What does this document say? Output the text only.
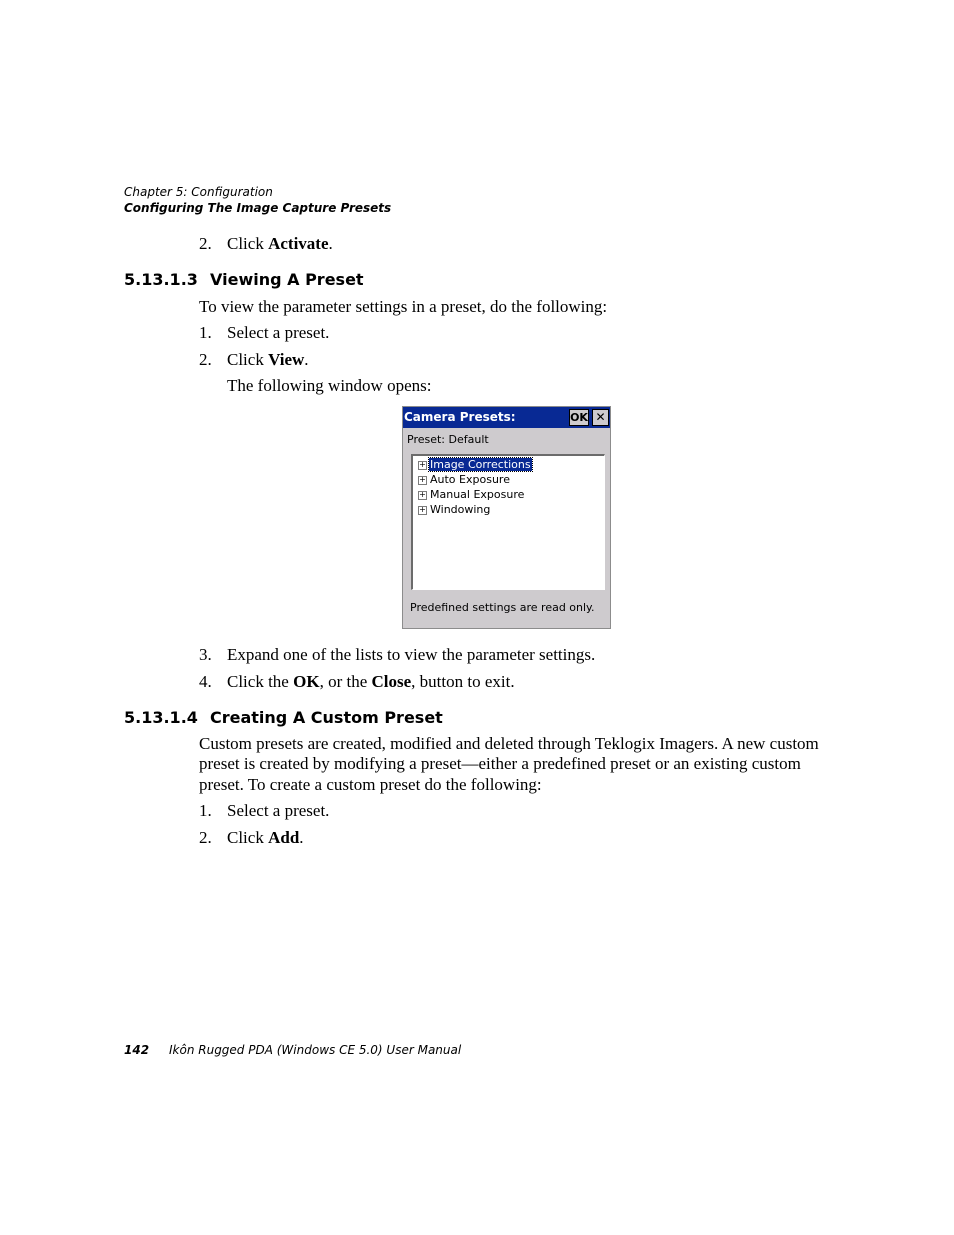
Chapter 5: Configuration
Configuring The Image Capture Presets
2. Click Activate.
5.13.1.3 Viewing A Preset
To view the parameter settings in a preset, do the following:
1. Select a preset.
2. Click View.
The following window opens:
Camera Presets:	OK ✕
Preset: Default
+ Image Corrections
+ Auto Exposure
+ Manual Exposure
+ Windowing
Predefined settings are read only.
3. Expand one of the lists to view the parameter settings.
4. Click the OK, or the Close, button to exit.
5.13.1.4 Creating A Custom Preset
Custom presets are created, modified and deleted through Teklogix Imagers. A new custom
preset is created by modifying a preset—either a predefined preset or an existing custom
preset. To create a custom preset do the following:
1. Select a preset.
2. Click Add.
142 Ikôn Rugged PDA (Windows CE 5.0) User Manual
